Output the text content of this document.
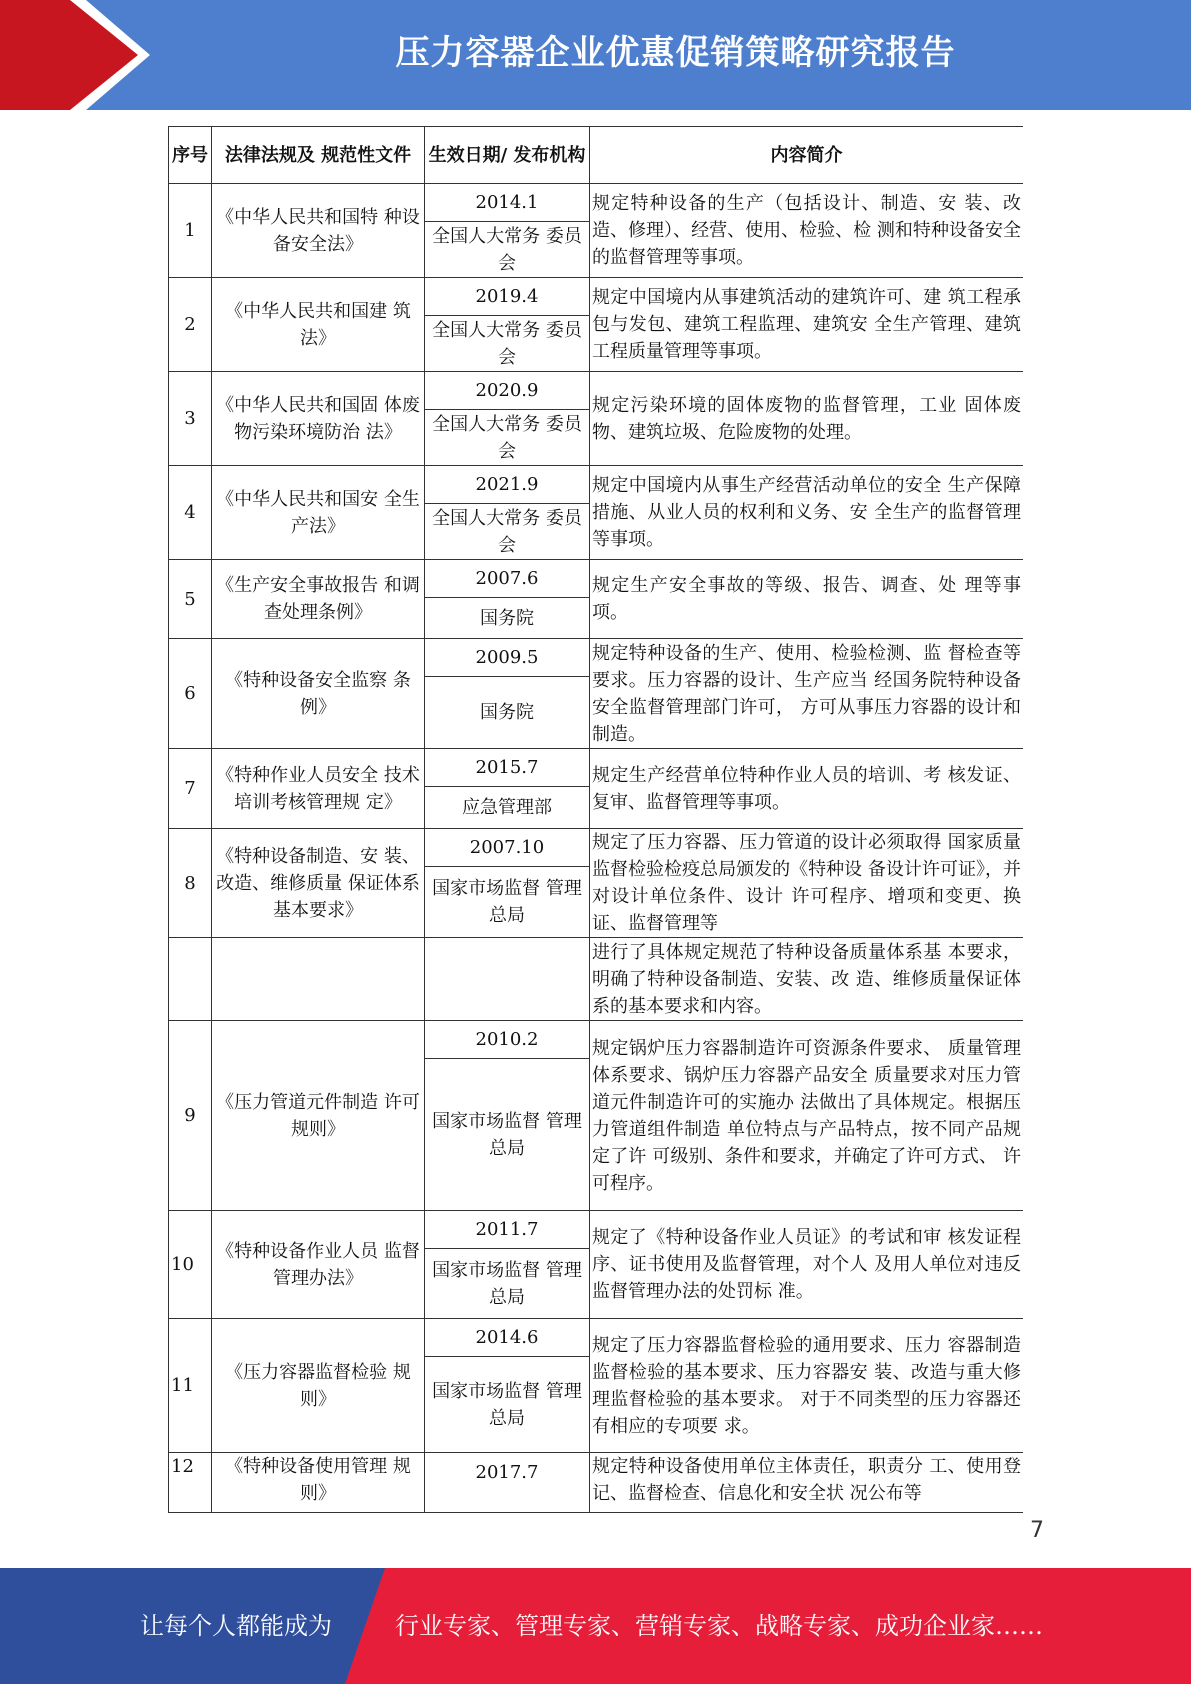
压力容器企业优惠促销策略研究报告
序号	法律法规及 规范性文件	生效日期/ 发布机构	内容简介
1	《中华人民共和国特 种设备安全法》	2014.1	规定特种设备的生产（包括设计、制造、安 装、改造、修理）、经营、使用、检验、检 测和特种设备安全的监督管理等事项。
		全国人大常务 委员会	
2	《中华人民共和国建 筑法》	2019.4	规定中国境内从事建筑活动的建筑许可、建 筑工程承包与发包、建筑工程监理、建筑安 全生产管理、建筑工程质量管理等事项。
		全国人大常务 委员会	
3	《中华人民共和国固 体废物污染环境防治 法》	2020.9	规定污染环境的固体废物的监督管理，工业 固体废物、建筑垃圾、危险废物的处理。
		全国人大常务 委员会	
4	《中华人民共和国安 全生产法》	2021.9	规定中国境内从事生产经营活动单位的安全 生产保障措施、从业人员的权利和义务、安 全生产的监督管理等事项。
		全国人大常务 委员会	
5	《生产安全事故报告 和调查处理条例》	2007.6	规定生产安全事故的等级、报告、调查、处 理等事项。
		国务院	
6	《特种设备安全监察 条例》	2009.5	规定特种设备的生产、使用、检验检测、监 督检查等要求。压力容器的设计、生产应当 经国务院特种设备安全监督管理部门许可， 方可从事压力容器的设计和制造。
		国务院	
7	《特种作业人员安全 技术培训考核管理规 定》	2015.7	规定生产经营单位特种作业人员的培训、考 核发证、复审、监督管理等事项。
		应急管理部	
8	《特种设备制造、安 装、改造、维修质量 保证体系基本要求》	2007.10	规定了压力容器、压力管道的设计必须取得 国家质量监督检验检疫总局颁发的《特种设 备设计许可证》，并对设计单位条件、设计 许可程序、增项和变更、换证、监督管理等
		国家市场监督 管理总局	
			进行了具体规定规范了特种设备质量体系基 本要求，明确了特种设备制造、安装、改 造、维修质量保证体系的基本要求和内容。
9	《压力管道元件制造 许可规则》	2010.2	规定锅炉压力容器制造许可资源条件要求、 质量管理体系要求、锅炉压力容器产品安全 质量要求对压力管道元件制造许可的实施办 法做出了具体规定。根据压力管道组件制造 单位特点与产品特点，按不同产品规定了许 可级别、条件和要求，并确定了许可方式、 许可程序。
		国家市场监督 管理总局	
10	《特种设备作业人员 监督管理办法》	2011.7	规定了《特种设备作业人员证》的考试和审 核发证程序、证书使用及监督管理，对个人 及用人单位对违反监督管理办法的处罚标 准。
		国家市场监督 管理总局	
11	《压力容器监督检验 规则》	2014.6	规定了压力容器监督检验的通用要求、压力 容器制造监督检验的基本要求、压力容器安 装、改造与重大修理监督检验的基本要求。 对于不同类型的压力容器还有相应的专项要 求。
		国家市场监督 管理总局	
12	《特种设备使用管理 规则》	2017.7	规定特种设备使用单位主体责任，职责分 工、使用登记、监督检查、信息化和安全状 况公布等
7
让每个人都能成为	行业专家、管理专家、营销专家、战略专家、成功企业家……
